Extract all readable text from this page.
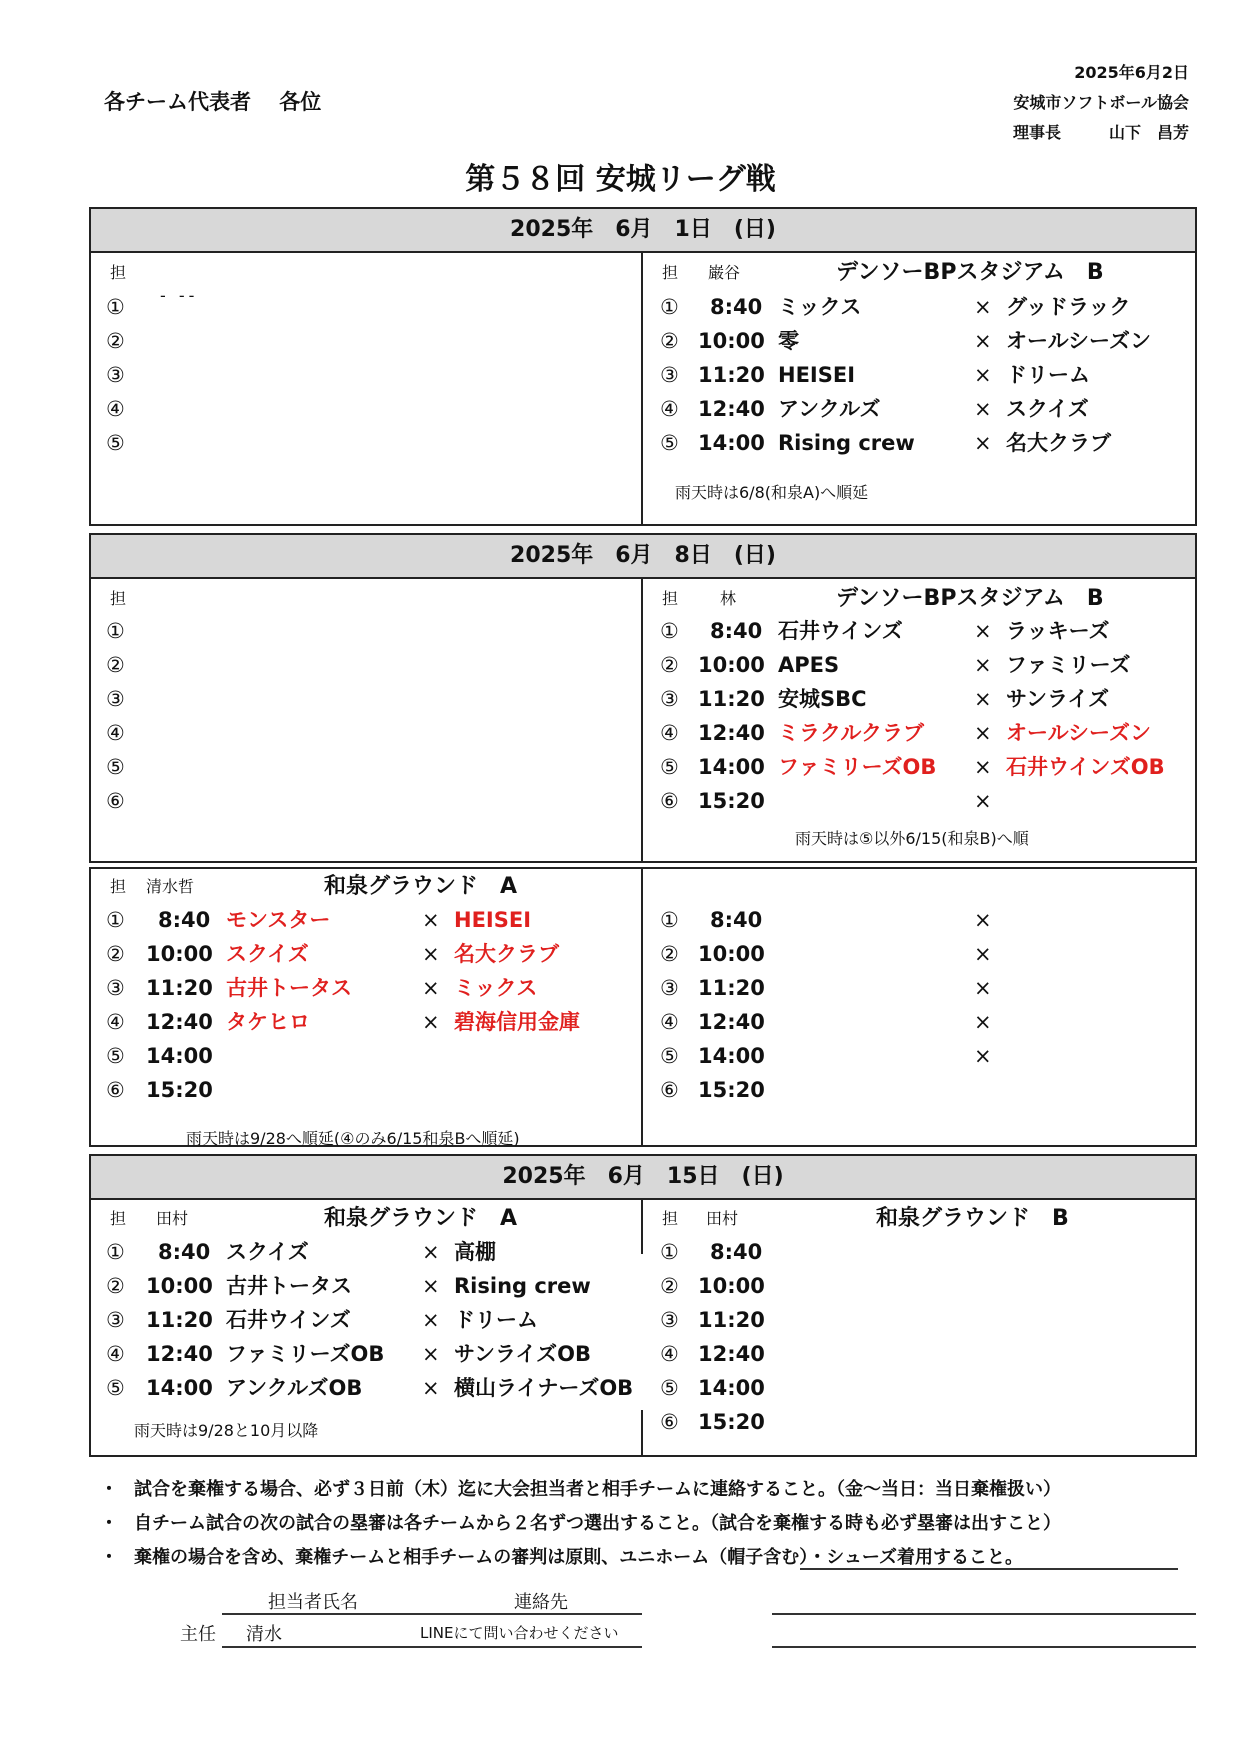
各チーム代表者　 各位
2025年6月2日
安城市ソフトボール協会
理事長　　　山下　昌芳
第５８回 安城リーグ戦
2025年　6月　1日　(日)
担
- --
①
②
③
④
⑤
担 巌谷	デンソーBPスタジアム　B
① 8:40 ミックス	× グッドラック
② 10:00 零	× オールシーズン
③ 11:20 HEISEI	× ドリーム
④ 12:40 アンクルズ	× スクイズ
⑤ 14:00 Rising crew	× 名大クラブ
雨天時は6/8(和泉A)へ順延
2025年　6月　8日　(日)
担
①
②
③
④
⑤
⑥
担	林	デンソーBPスタジアム　B
① 8:40 石井ウインズ	× ラッキーズ
② 10:00 APES	× ファミリーズ
③ 11:20 安城SBC	× サンライズ
④ 12:40 ミラクルクラブ × オールシーズン
⑤ 14:00 ファミリーズOB × 石井ウインズOB
⑥ 15:20	×
雨天時は⑤以外6/15(和泉B)へ順
担 清水哲	和泉グラウンド　A
① 8:40 モンスター	× HEISEI
② 10:00 スクイズ	× 名大クラブ
③ 11:20 古井トータス	× ミックス
④ 12:40 タケヒロ	× 碧海信用金庫
⑤ 14:00
⑥ 15:20
雨天時は9/28へ順延(④のみ6/15和泉Bへ順延)
① 8:40	×
② 10:00	×
③ 11:20	×
④ 12:40	×
⑤ 14:00	×
⑥ 15:20
2025年　6月　15日　(日)
担 田村	和泉グラウンド　A
① 8:40 スクイズ	× 高棚
② 10:00 古井トータス	× Rising crew
③ 11:20 石井ウインズ	× ドリーム
④ 12:40 ファミリーズOB × サンライズOB
⑤ 14:00 アンクルズOB	× 横山ライナーズOB
雨天時は9/28と10月以降
担 田村	和泉グラウンド　B
① 8:40
② 10:00
③ 11:20
④ 12:40
⑤ 14:00
⑥ 15:20
・ 試合を棄権する場合、必ず３日前（木）迄に大会担当者と相手チームに連絡すること。（金～当日：当日棄権扱い）
・ 自チーム試合の次の試合の塁審は各チームから２名ずつ選出すること。（試合を棄権する時も必ず塁審は出すこと）
・ 棄権の場合を含め、棄権チームと相手チームの審判は原則、ユニホーム（帽子含む）・シューズ着用すること。
担当者氏名	連絡先
主任 清水	LINEにて問い合わせください
